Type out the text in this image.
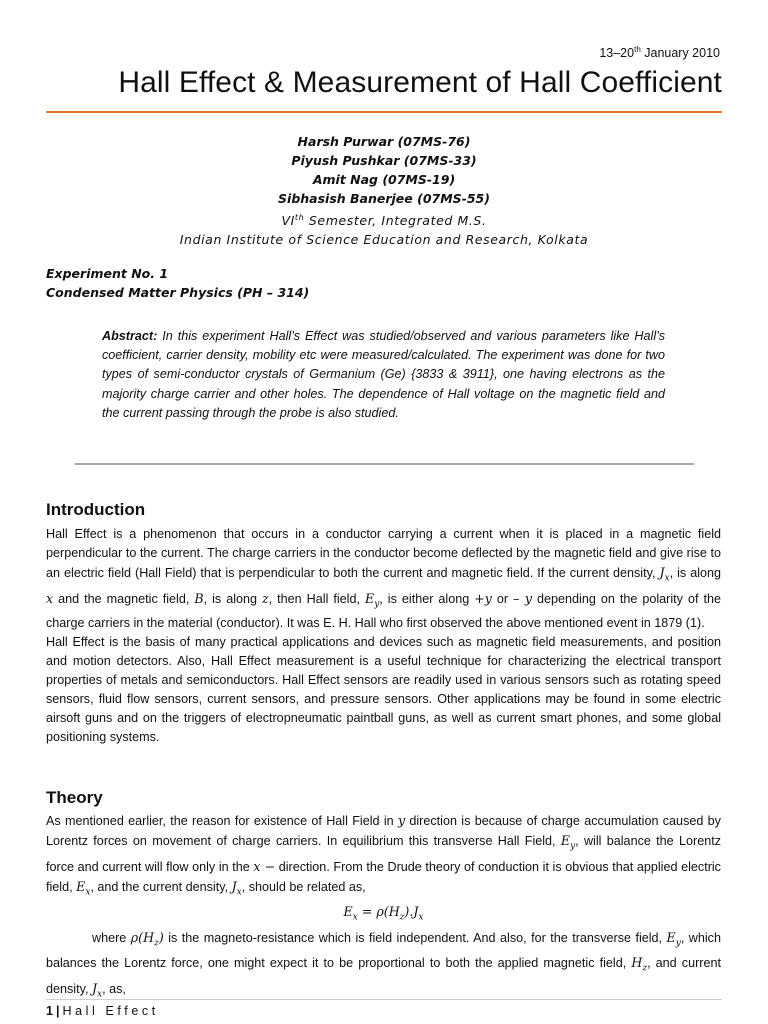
13–20th January 2010
Hall Effect & Measurement of Hall Coefficient
Harsh Purwar (07MS-76)
Piyush Pushkar (07MS-33)
Amit Nag (07MS-19)
Sibhasish Banerjee (07MS-55)
VIth Semester, Integrated M.S.
Indian Institute of Science Education and Research, Kolkata
Experiment No. 1
Condensed Matter Physics (PH – 314)
Abstract: In this experiment Hall’s Effect was studied/observed and various parameters like Hall’s coefficient, carrier density, mobility etc were measured/calculated. The experiment was done for two types of semi-conductor crystals of Germanium (Ge) {3833 & 3911}, one having electrons as the majority charge carrier and other holes. The dependence of Hall voltage on the magnetic field and the current passing through the probe is also studied.
Introduction

Hall Effect is a phenomenon that occurs in a conductor carrying a current when it is placed in a magnetic field perpendicular to the current. The charge carriers in the conductor become deflected by the magnetic field and give rise to an electric field (Hall Field) that is perpendicular to both the current and magnetic field. If the current density, $J_x$, is along x and the magnetic field, B, is along z, then Hall field, $E_y$, is either along +y or – y depending on the polarity of the charge carriers in the material (conductor). It was E. H. Hall who first observed the above mentioned event in 1879 (1).

Hall Effect is the basis of many practical applications and devices such as magnetic field measurements, and position and motion detectors. Also, Hall Effect measurement is a useful technique for characterizing the electrical transport properties of metals and semiconductors. Hall Effect sensors are readily used in various sensors such as rotating speed sensors, fluid flow sensors, current sensors, and pressure sensors. Other applications may be found in some electric airsoft guns and on the triggers of electropneumatic paintball guns, as well as current smart phones, and some global positioning systems.

Theory

As mentioned earlier, the reason for existence of Hall Field in y direction is because of charge accumulation caused by Lorentz forces on movement of charge carriers. In equilibrium this transverse Hall Field, $E_y$, will balance the Lorentz force and current will flow only in the x − direction. From the Drude theory of conduction it is obvious that applied electric field, $E_x$, and the current density, $J_x$, should be related as,

$E_x = \rho(H_z).J_x$

where $\rho(H_z)$ is the magneto-resistance which is field independent. And also, for the transverse field, $E_y$, which balances the Lorentz force, one might expect it to be proportional to both the applied magnetic field, $H_z$, and current density, $J_x$, as,

1 | Hall Effect
